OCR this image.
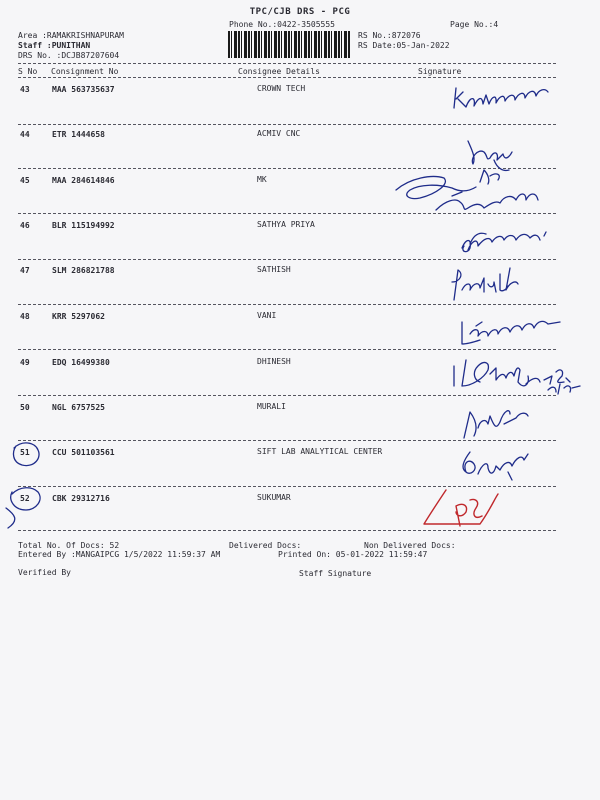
TPC/CJB DRS - PCG
Phone No.:0422-3505555	Page No.:4
Area :RAMAKRISHNAPURAM
Staff :PUNITHAN
DRS No. :DCJB87207604
RS No.:872076
RS Date:05-Jan-2022
S No Consignment No	Consignee Details	Signature
43	MAA 563735637	CROWN TECH
44	ETR 1444658	ACMIV CNC
45	MAA 284614846	MK
46	BLR 115194992	SATHYA PRIYA
47	SLM 286821788	SATHISH
48	KRR 5297062	VANI
49	EDQ 16499380	DHINESH
50	NGL 6757525	MURALI
51	CCU 501103561	SIFT LAB ANALYTICAL CENTER
52	CBK 29312716	SUKUMAR
Total No. Of Docs: 52	Delivered Docs:	Non Delivered Docs:
Entered By :MANGAIPCG 1/5/2022 11:59:37 AM	Printed On: 05-01-2022 11:59:47
Verified By	Staff Signature
